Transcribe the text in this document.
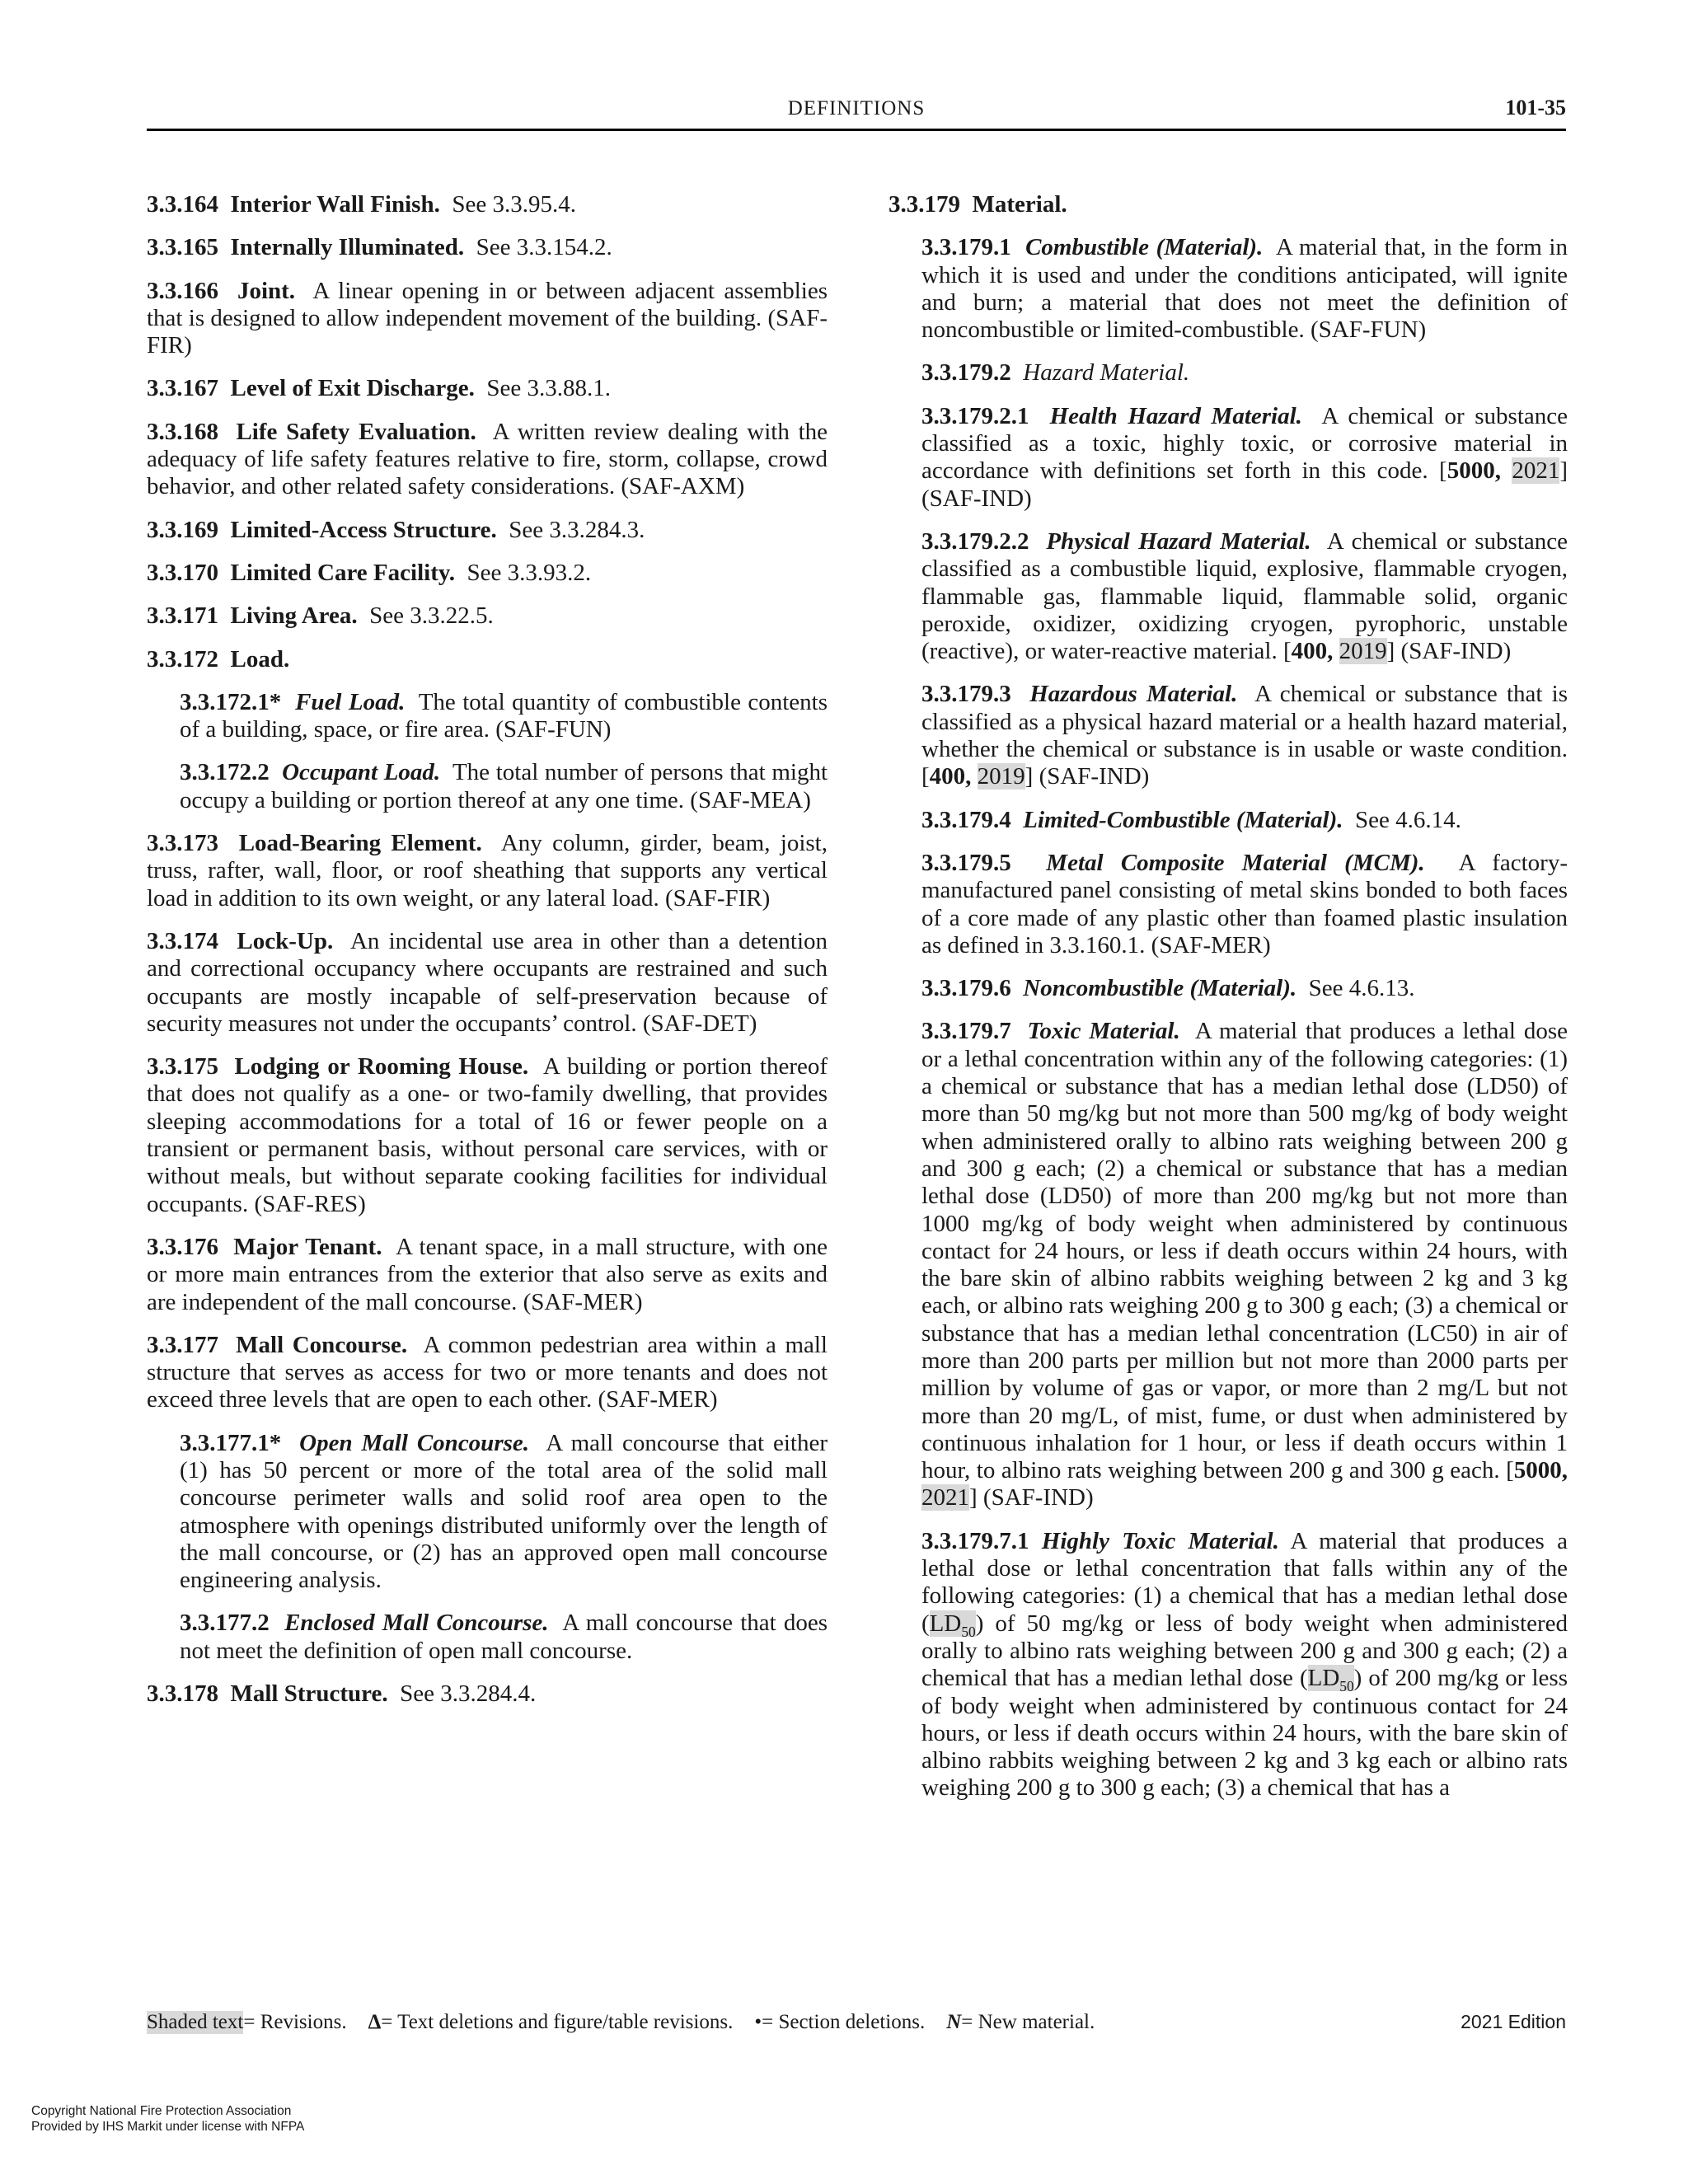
DEFINITIONS	101-35

3.3.164 Interior Wall Finish. See 3.3.95.4.

3.3.165 Internally Illuminated. See 3.3.154.2.

3.3.166 Joint. A linear opening in or between adjacent assemblies that is designed to allow independent movement of the building. (SAF-FIR)

3.3.167 Level of Exit Discharge. See 3.3.88.1.

3.3.168 Life Safety Evaluation. A written review dealing with the adequacy of life safety features relative to fire, storm, collapse, crowd behavior, and other related safety considerations. (SAF-AXM)

3.3.169 Limited-Access Structure. See 3.3.284.3.

3.3.170 Limited Care Facility. See 3.3.93.2.

3.3.171 Living Area. See 3.3.22.5.

3.3.172 Load.

3.3.172.1* Fuel Load. The total quantity of combustible contents of a building, space, or fire area. (SAF-FUN)

3.3.172.2 Occupant Load. The total number of persons that might occupy a building or portion thereof at any one time. (SAF-MEA)

3.3.173 Load-Bearing Element. Any column, girder, beam, joist, truss, rafter, wall, floor, or roof sheathing that supports any vertical load in addition to its own weight, or any lateral load. (SAF-FIR)

3.3.174 Lock-Up. An incidental use area in other than a detention and correctional occupancy where occupants are restrained and such occupants are mostly incapable of self-preservation because of security measures not under the occupants’ control. (SAF-DET)

3.3.175 Lodging or Rooming House. A building or portion thereof that does not qualify as a one- or two-family dwelling, that provides sleeping accommodations for a total of 16 or fewer people on a transient or permanent basis, without personal care services, with or without meals, but without separate cooking facilities for individual occupants. (SAF-RES)

3.3.176 Major Tenant. A tenant space, in a mall structure, with one or more main entrances from the exterior that also serve as exits and are independent of the mall concourse. (SAF-MER)

3.3.177 Mall Concourse. A common pedestrian area within a mall structure that serves as access for two or more tenants and does not exceed three levels that are open to each other. (SAF-MER)

3.3.177.1* Open Mall Concourse. A mall concourse that either (1) has 50 percent or more of the total area of the solid mall concourse perimeter walls and solid roof area open to the atmosphere with openings distributed uniformly over the length of the mall concourse, or (2) has an approved open mall concourse engineering analysis.

3.3.177.2 Enclosed Mall Concourse. A mall concourse that does not meet the definition of open mall concourse.

3.3.178 Mall Structure. See 3.3.284.4.

3.3.179 Material.

3.3.179.1 Combustible (Material). A material that, in the form in which it is used and under the conditions anticipated, will ignite and burn; a material that does not meet the definition of noncombustible or limited-combustible. (SAF-FUN)

3.3.179.2 Hazard Material.

3.3.179.2.1 Health Hazard Material. A chemical or substance classified as a toxic, highly toxic, or corrosive material in accordance with definitions set forth in this code. [5000, 2021] (SAF-IND)

3.3.179.2.2 Physical Hazard Material. A chemical or substance classified as a combustible liquid, explosive, flammable cryogen, flammable gas, flammable liquid, flammable solid, organic peroxide, oxidizer, oxidizing cryogen, pyrophoric, unstable (reactive), or water-reactive material. [400, 2019] (SAF-IND)

3.3.179.3 Hazardous Material. A chemical or substance that is classified as a physical hazard material or a health hazard material, whether the chemical or substance is in usable or waste condition. [400, 2019] (SAF-IND)

3.3.179.4 Limited-Combustible (Material). See 4.6.14.

3.3.179.5 Metal Composite Material (MCM). A factory-manufactured panel consisting of metal skins bonded to both faces of a core made of any plastic other than foamed plastic insulation as defined in 3.3.160.1. (SAF-MER)

3.3.179.6 Noncombustible (Material). See 4.6.13.

3.3.179.7 Toxic Material. A material that produces a lethal dose or a lethal concentration within any of the following categories: (1) a chemical or substance that has a median lethal dose (LD50) of more than 50 mg/kg but not more than 500 mg/kg of body weight when administered orally to albino rats weighing between 200 g and 300 g each; (2) a chemical or substance that has a median lethal dose (LD50) of more than 200 mg/kg but not more than 1000 mg/kg of body weight when administered by continuous contact for 24 hours, or less if death occurs within 24 hours, with the bare skin of albino rabbits weighing between 2 kg and 3 kg each, or albino rats weighing 200 g to 300 g each; (3) a chemical or substance that has a median lethal concentration (LC50) in air of more than 200 parts per million but not more than 2000 parts per million by volume of gas or vapor, or more than 2 mg/L but not more than 20 mg/L, of mist, fume, or dust when administered by continuous inhalation for 1 hour, or less if death occurs within 1 hour, to albino rats weighing between 200 g and 300 g each. [5000, 2021] (SAF-IND)

3.3.179.7.1 Highly Toxic Material. A material that produces a lethal dose or lethal concentration that falls within any of the following categories: (1) a chemical that has a median lethal dose $(LD_{50})$ of 50 mg/kg or less of body weight when administered orally to albino rats weighing between 200 g and 300 g each; (2) a chemical that has a median lethal dose $(LD_{50})$ of 200 mg/kg or less of body weight when administered by continuous contact for 24 hours, or less if death occurs within 24 hours, with the bare skin of albino rabbits weighing between 2 kg and 3 kg each or albino rats weighing 200 g to 300 g each; (3) a chemical that has a

Shaded text= Revisions. Δ= Text deletions and figure/table revisions. •= Section deletions. N= New material.	2021 Edition
Copyright National Fire Protection Association
Provided by IHS Markit under license with NFPA
